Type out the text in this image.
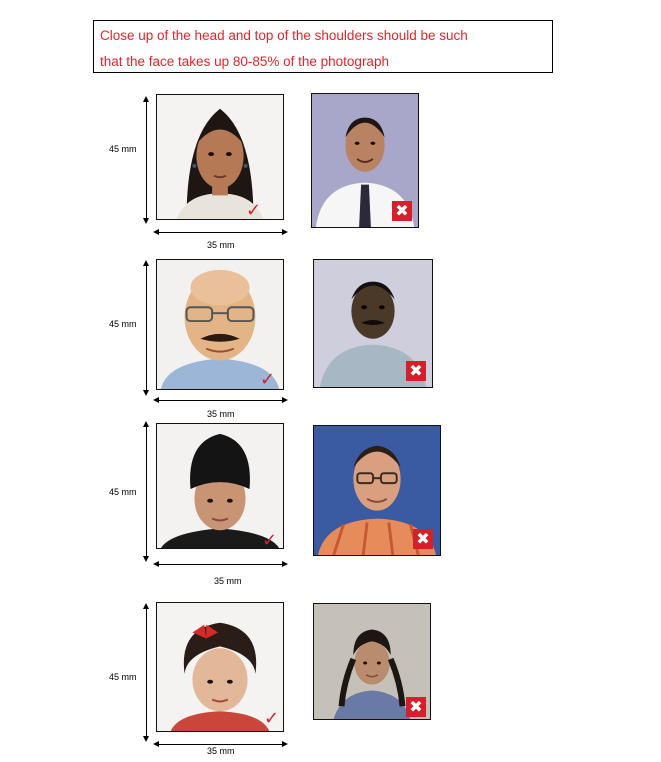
Close up of the head and top of the shoulders should be such
that the face takes up 80-85% of the photograph
45 mm
✓
35 mm
✖
45 mm
✓
35 mm
✖
45 mm
✓
35 mm
✖
45 mm
✓
35 mm
✖
